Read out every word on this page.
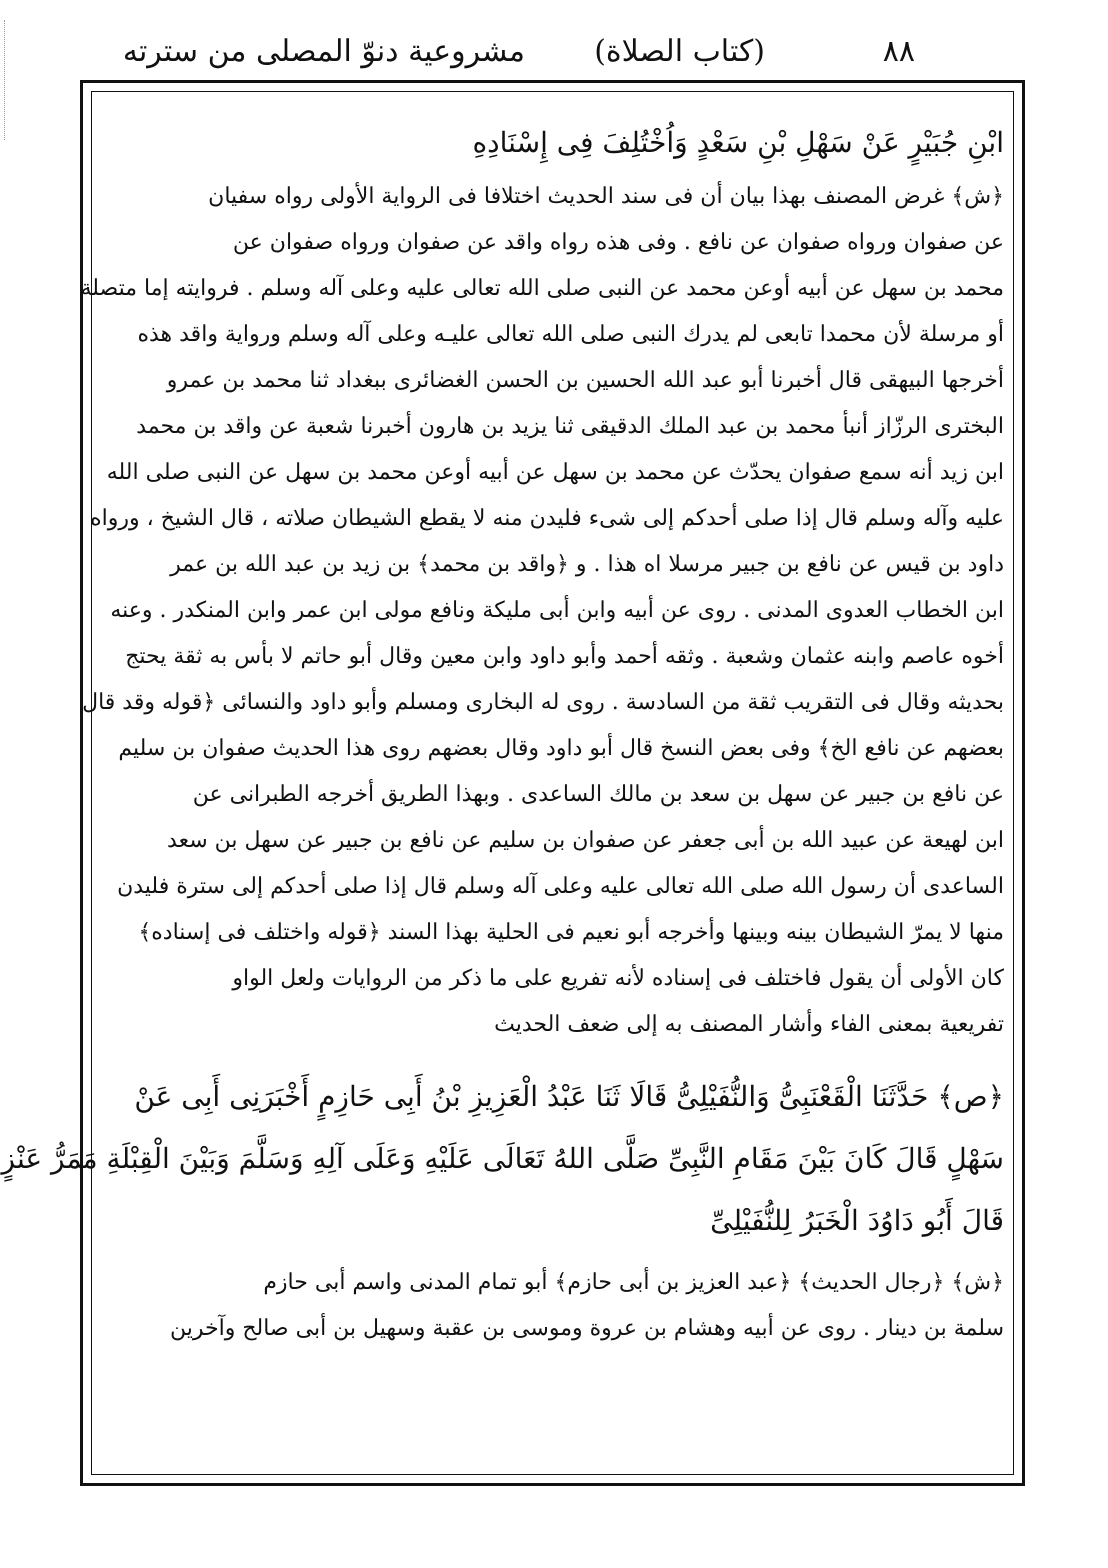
٨٨
(كتاب الصلاة)
مشروعية دنوّ المصلى من سترته
ابْنِ جُبَيْرٍ عَنْ سَهْلِ بْنِ سَعْدٍ وَاُخْتُلِفَ فِى إِسْنَادِهِ
﴿ش﴾ غرض المصنف بهذا بيان أن فى سند الحديث اختلافا فى الرواية الأولى رواه سفيان
عن صفوان ورواه صفوان عن نافع . وفى هذه رواه واقد عن صفوان ورواه صفوان عن
محمد بن سهل عن أبيه أوعن محمد عن النبى صلى الله تعالى عليه وعلى آله وسلم . فروايته إما متصلة
أو مرسلة لأن محمدا تابعى لم يدرك النبى صلى الله تعالى عليـه وعلى آله وسلم ورواية واقد هذه
أخرجها البيهقى قال أخبرنا أبو عبد الله الحسين بن الحسن الغضائرى ببغداد ثنا محمد بن عمرو
البخترى الرزّاز أنبأ محمد بن عبد الملك الدقيقى ثنا يزيد بن هارون أخبرنا شعبة عن واقد بن محمد
ابن زيد أنه سمع صفوان يحدّث عن محمد بن سهل عن أبيه أوعن محمد بن سهل عن النبى صلى الله
عليه وآله وسلم قال إذا صلى أحدكم إلى شىء فليدن منه لا يقطع الشيطان صلاته ، قال الشيخ ، ورواه
داود بن قيس عن نافع بن جبير مرسلا اه هذا . و ﴿واقد بن محمد﴾ بن زيد بن عبد الله بن عمر
ابن الخطاب العدوى المدنى . روى عن أبيه وابن أبى مليكة ونافع مولى ابن عمر وابن المنكدر . وعنه
أخوه عاصم وابنه عثمان وشعبة . وثقه أحمد وأبو داود وابن معين وقال أبو حاتم لا بأس به ثقة يحتج
بحديثه وقال فى التقريب ثقة من السادسة . روى له البخارى ومسلم وأبو داود والنسائى ﴿قوله وقد قال
بعضهم عن نافع الخ﴾ وفى بعض النسخ قال أبو داود وقال بعضهم روى هذا الحديث صفوان بن سليم
عن نافع بن جبير عن سهل بن سعد بن مالك الساعدى . وبهذا الطريق أخرجه الطبرانى عن
ابن لهيعة عن عبيد الله بن أبى جعفر عن صفوان بن سليم عن نافع بن جبير عن سهل بن سعد
الساعدى أن رسول الله صلى الله تعالى عليه وعلى آله وسلم قال إذا صلى أحدكم إلى سترة فليدن
منها لا يمرّ الشيطان بينه وبينها وأخرجه أبو نعيم فى الحلية بهذا السند ﴿قوله واختلف فى إسناده﴾
كان الأولى أن يقول فاختلف فى إسناده لأنه تفريع على ما ذكر من الروايات ولعل الواو
تفريعية بمعنى الفاء وأشار المصنف به إلى ضعف الحديث
﴿ص﴾ حَدَّثَنَا الْقَعْنَبِىُّ وَالنُّفَيْلِىُّ قَالَا ثَنَا عَبْدُ الْعَزِيزِ بْنُ أَبِى حَازِمٍ أَخْبَرَنِى أَبِى عَنْ
سَهْلٍ قَالَ كَانَ بَيْنَ مَقَامِ النَّبِىِّ صَلَّى اللهُ تَعَالَى عَلَيْهِ وَعَلَى آلِهِ وَسَلَّمَ وَبَيْنَ الْقِبْلَةِ مَمَرُّ عَنْزٍ
قَالَ أَبُو دَاوُدَ الْخَبَرُ لِلنُّفَيْلِىِّ
﴿ش﴾ ﴿رجال الحديث﴾ ﴿عبد العزيز بن أبى حازم﴾ أبو تمام المدنى واسم أبى حازم
سلمة بن دينار . روى عن أبيه وهشام بن عروة وموسى بن عقبة وسهيل بن أبى صالح وآخرين
